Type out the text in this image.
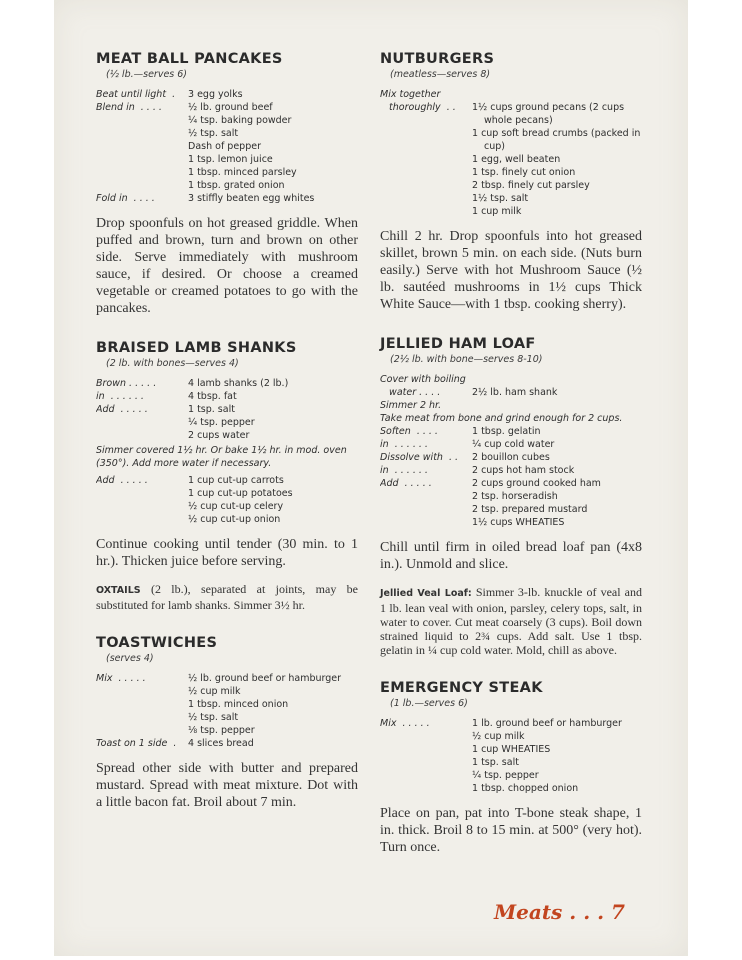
MEAT BALL PANCAKES

(½ lb.—serves 6)

Beat until light  .	3 egg yolks
Blend in  . . . .	½ lb. ground beef
¼ tsp. baking powder
½ tsp. salt
Dash of pepper
1 tsp. lemon juice
1 tbsp. minced parsley
1 tbsp. grated onion
Fold in  . . . .	3 stiffly beaten egg whites

Drop spoonfuls on hot greased griddle. When puffed and brown, turn and brown on other side. Serve immediately with mushroom sauce, if desired. Or choose a creamed vegetable or creamed potatoes to go with the pancakes.

BRAISED LAMB SHANKS

(2 lb. with bones—serves 4)

Brown . . . . .	4 lamb shanks (2 lb.)
in  . . . . . .	4 tbsp. fat
Add  . . . . .	1 tsp. salt
¼ tsp. pepper
2 cups water
Simmer covered 1½ hr. Or bake 1½ hr. in mod. oven (350°). Add more water if necessary.
Add  . . . . .	1 cup cut-up carrots
1 cup cut-up potatoes
½ cup cut-up celery
½ cup cut-up onion

Continue cooking until tender (30 min. to 1 hr.). Thicken juice before serving.

OXTAILS (2 lb.), separated at joints, may be substituted for lamb shanks. Simmer 3½ hr.

TOASTWICHES

(serves 4)

Mix  . . . . .	½ lb. ground beef or hamburger
½ cup milk
1 tbsp. minced onion
½ tsp. salt
⅛ tsp. pepper
Toast on 1 side  .	4 slices bread

Spread other side with butter and prepared mustard. Spread with meat mixture. Dot with a little bacon fat. Broil about 7 min.

NUTBURGERS

(meatless—serves 8)

Mix together
thoroughly  . .	1½ cups ground pecans (2 cups whole pecans)
1 cup soft bread crumbs (packed in cup)
1 egg, well beaten
1 tsp. finely cut onion
2 tbsp. finely cut parsley
1½ tsp. salt
1 cup milk

Chill 2 hr. Drop spoonfuls into hot greased skillet, brown 5 min. on each side. (Nuts burn easily.) Serve with hot Mushroom Sauce (½ lb. sautéed mushrooms in 1½ cups Thick White Sauce—with 1 tbsp. cooking sherry).

JELLIED HAM LOAF

(2½ lb. with bone—serves 8-10)

Cover with boiling
water . . . .	2½ lb. ham shank
Simmer 2 hr.
Take meat from bone and grind enough for 2 cups.
Soften  . . . .	1 tbsp. gelatin
in  . . . . . .	¼ cup cold water
Dissolve with  . .	2 bouillon cubes
in  . . . . . .	2 cups hot ham stock
Add  . . . . .	2 cups ground cooked ham
2 tsp. horseradish
2 tsp. prepared mustard
1½ cups WHEATIES

Chill until firm in oiled bread loaf pan (4x8 in.). Unmold and slice.

Jellied Veal Loaf: Simmer 3-lb. knuckle of veal and 1 lb. lean veal with onion, parsley, celery tops, salt, in water to cover. Cut meat coarsely (3 cups). Boil down strained liquid to 2¾ cups. Add salt. Use 1 tbsp. gelatin in ¼ cup cold water. Mold, chill as above.

EMERGENCY STEAK

(1 lb.—serves 6)

Mix  . . . . .	1 lb. ground beef or hamburger
½ cup milk
1 cup WHEATIES
1 tsp. salt
¼ tsp. pepper
1 tbsp. chopped onion

Place on pan, pat into T-bone steak shape, 1 in. thick. Broil 8 to 15 min. at 500° (very hot). Turn once.

Meats . . . 7
